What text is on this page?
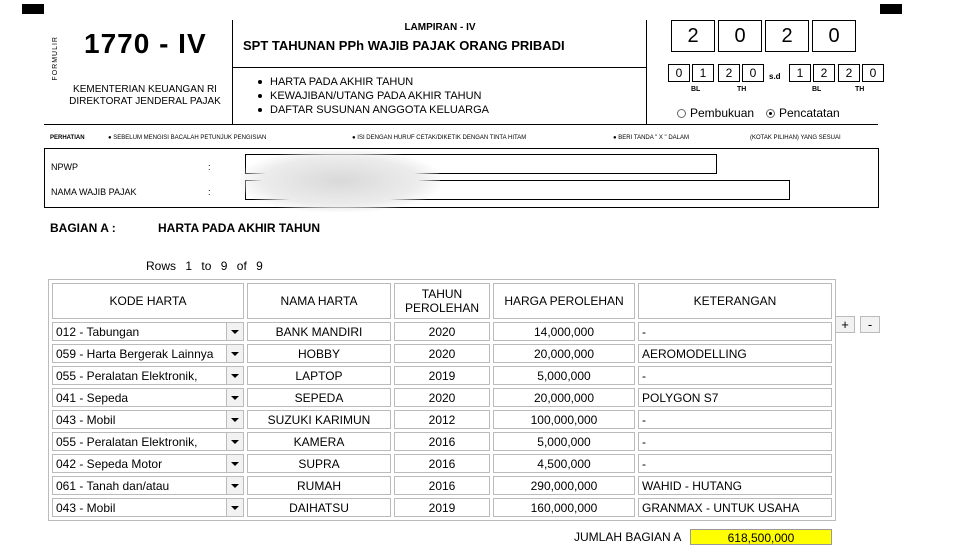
FORMULIR 1770 - IV
KEMENTERIAN KEUANGAN RI
DIREKTORAT JENDERAL PAJAK
LAMPIRAN - IV
SPT TAHUNAN PPh WAJIB PAJAK ORANG PRIBADI
HARTA PADA AKHIR TAHUN
KEWAJIBAN/UTANG PADA AKHIR TAHUN
DAFTAR SUSUNAN ANGGOTA KELUARGA
2	0	2	0
0	1	2	0	s.d	1	2	2	0
BL	TH	BL	TH
Pembukuan	Pencatatan
PERHATIAN	● SEBELUM MENGISI BACALAH PETUNJUK PENGISIAN	● ISI DENGAN HURUF CETAK/DIKETIK DENGAN TINTA HITAM	● BERI TANDA " X " DALAM	(KOTAK PILIHAN) YANG SESUAI
NPWP	:
NAMA WAJIB PAJAK	:
BAGIAN A :	HARTA PADA AKHIR TAHUN
Rows 1 to 9 of 9
KODE HARTA	NAMA HARTA	TAHUN PEROLEHAN	HARGA PEROLEHAN	KETERANGAN
012 - Tabungan	BANK MANDIRI	2020	14,000,000	-
059 - Harta Bergerak Lainnya	HOBBY	2020	20,000,000	AEROMODELLING
055 - Peralatan Elektronik,	LAPTOP	2019	5,000,000	-
041 - Sepeda	SEPEDA	2020	20,000,000	POLYGON S7
043 - Mobil	SUZUKI KARIMUN	2012	100,000,000	-
055 - Peralatan Elektronik,	KAMERA	2016	5,000,000	-
042 - Sepeda Motor	SUPRA	2016	4,500,000	-
061 - Tanah dan/atau	RUMAH	2016	290,000,000	WAHID - HUTANG
043 - Mobil	DAIHATSU	2019	160,000,000	GRANMAX - UNTUK USAHA
+	-
JUMLAH BAGIAN A	618,500,000
